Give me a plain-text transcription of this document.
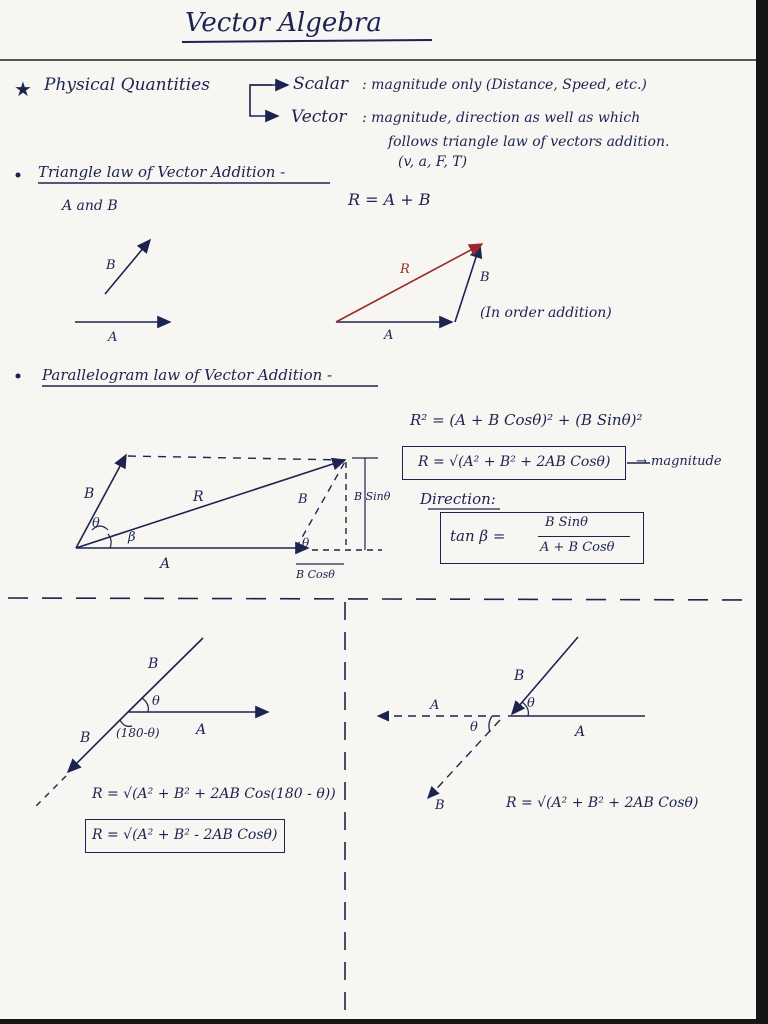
★
Vector Algebra
Physical Quantities	Scalar : magnitude only (Distance, Speed, etc.)
Vector : magnitude, direction as well as which
follows triangle law of vectors addition.
(v, a, F, T)
Triangle law of Vector Addition -
A and B	R = A + B
B
A
R
B
A
(In order addition)
Parallelogram law of Vector Addition -
R² = (A + B Cosθ)² + (B Sinθ)²
R = √(A² + B² + 2AB Cosθ) → magnitude
Direction:
tan β =
B Sinθ
A + B Cosθ
B	R
A
θ
β
B
θ
B Sinθ
B Cosθ
B
θ
A
B (180-θ)
R = √(A² + B² + 2AB Cos(180 - θ))
R = √(A² + B² - 2AB Cosθ)
B
θ
A
θ	A
B	R = √(A² + B² + 2AB Cosθ)
